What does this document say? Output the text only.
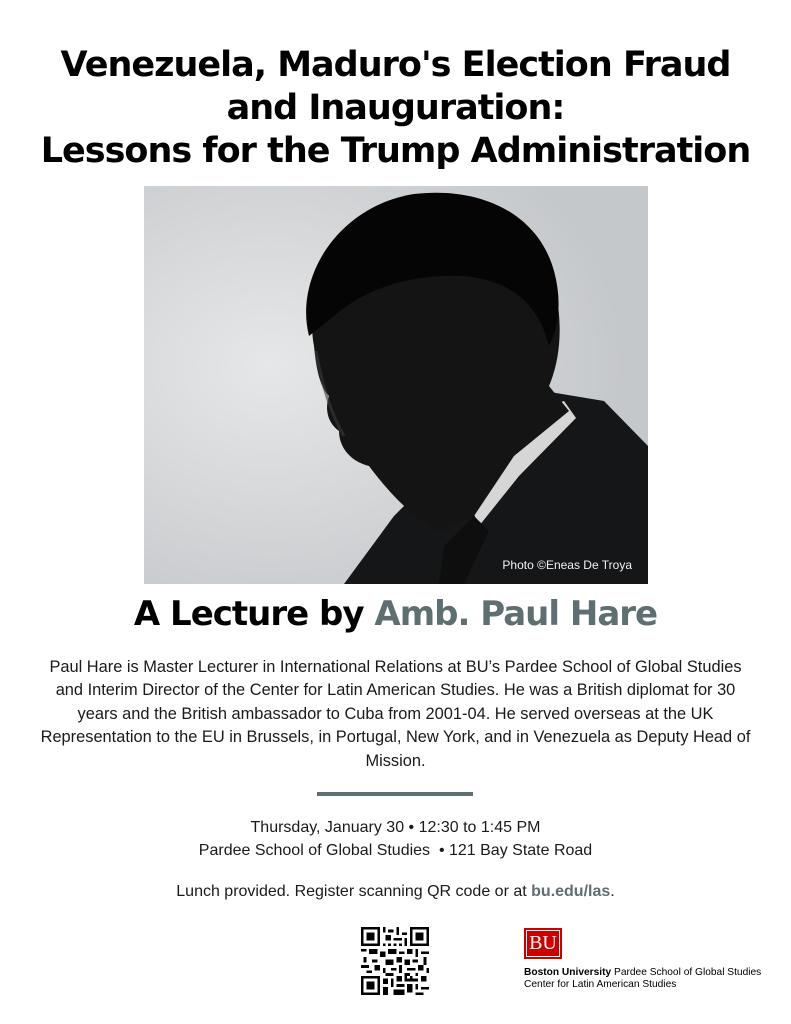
Venezuela, Maduro's Election Fraud
and Inauguration:
Lessons for the Trump Administration
Photo ©Eneas De Troya
A Lecture by Amb. Paul Hare

Paul Hare is Master Lecturer in International Relations at BU’s Pardee School of Global Studies and Interim Director of the Center for Latin American Studies. He was a British diplomat for 30 years and the British ambassador to Cuba from 2001-04. He served overseas at the UK Representation to the EU in Brussels, in Portugal, New York, and in Venezuela as Deputy Head of Mission.

Thursday, January 30 • 12:30 to 1:45 PM
Pardee School of Global Studies  • 121 Bay State Road
Lunch provided. Register scanning QR code or at bu.edu/las.
BU
Boston University Pardee School of Global Studies
Center for Latin American Studies
